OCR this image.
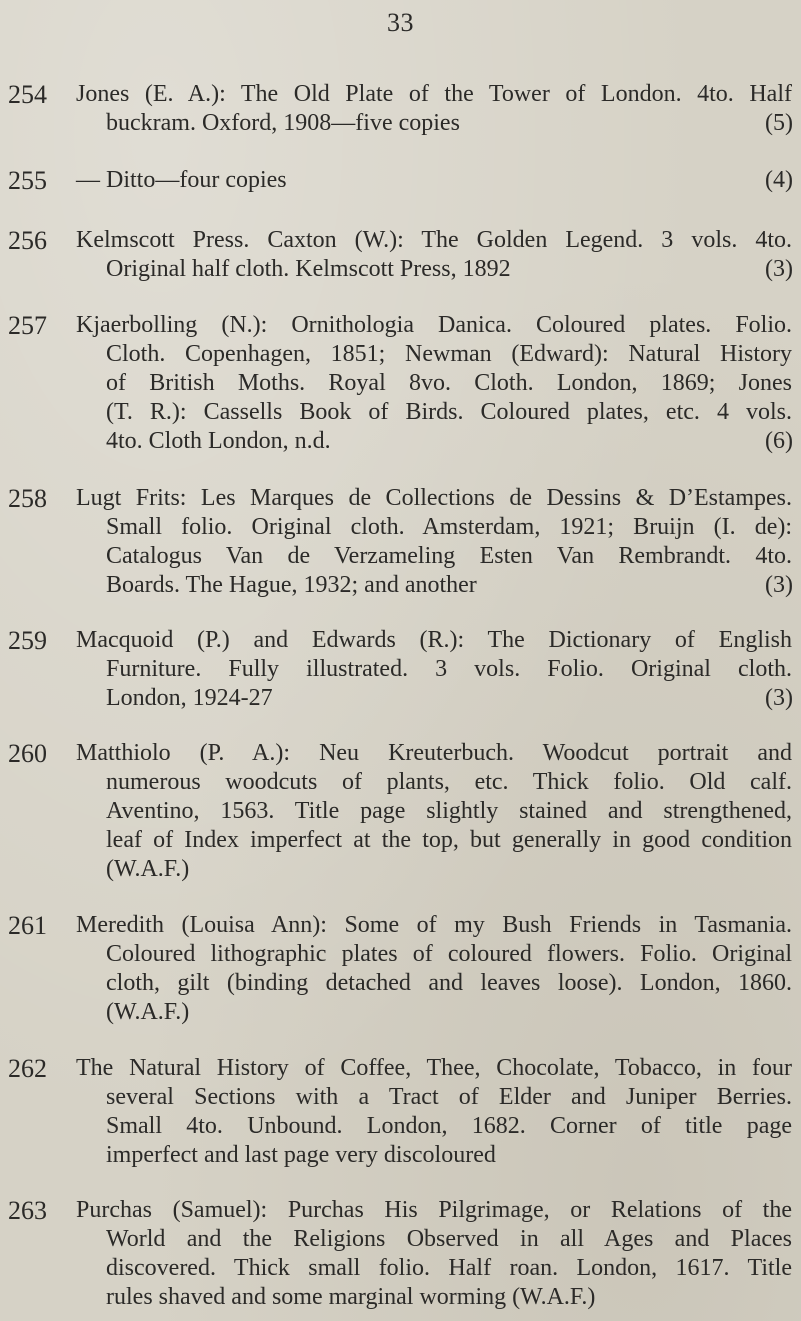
33
254	Jones (E. A.): The Old Plate of the Tower of London. 4to. Half
buckram. Oxford, 1908—five copies	(5)
255	— Ditto—four copies	(4)
256	Kelmscott Press. Caxton (W.): The Golden Legend. 3 vols. 4to.
Original half cloth. Kelmscott Press, 1892	(3)
257	Kjaerbolling (N.): Ornithologia Danica. Coloured plates. Folio.
Cloth. Copenhagen, 1851; Newman (Edward): Natural History
of British Moths. Royal 8vo. Cloth. London, 1869; Jones
(T. R.): Cassells Book of Birds. Coloured plates, etc. 4 vols.
4to. Cloth London, n.d.	(6)
258	Lugt Frits: Les Marques de Collections de Dessins & D’Estampes.
Small folio. Original cloth. Amsterdam, 1921; Bruijn (I. de):
Catalogus Van de Verzameling Esten Van Rembrandt. 4to.
Boards. The Hague, 1932; and another	(3)
259	Macquoid (P.) and Edwards (R.): The Dictionary of English
Furniture. Fully illustrated. 3 vols. Folio. Original cloth.
London, 1924-27	(3)
260	Matthiolo (P. A.): Neu Kreuterbuch. Woodcut portrait and
numerous woodcuts of plants, etc. Thick folio. Old calf.
Aventino, 1563. Title page slightly stained and strengthened,
leaf of Index imperfect at the top, but generally in good condition
(W.A.F.)
261	Meredith (Louisa Ann): Some of my Bush Friends in Tasmania.
Coloured lithographic plates of coloured flowers. Folio. Original
cloth, gilt (binding detached and leaves loose). London, 1860.
(W.A.F.)
262	The Natural History of Coffee, Thee, Chocolate, Tobacco, in four
several Sections with a Tract of Elder and Juniper Berries.
Small 4to. Unbound. London, 1682. Corner of title page
imperfect and last page very discoloured
263	Purchas (Samuel): Purchas His Pilgrimage, or Relations of the
World and the Religions Observed in all Ages and Places
discovered. Thick small folio. Half roan. London, 1617. Title
rules shaved and some marginal worming (W.A.F.)
